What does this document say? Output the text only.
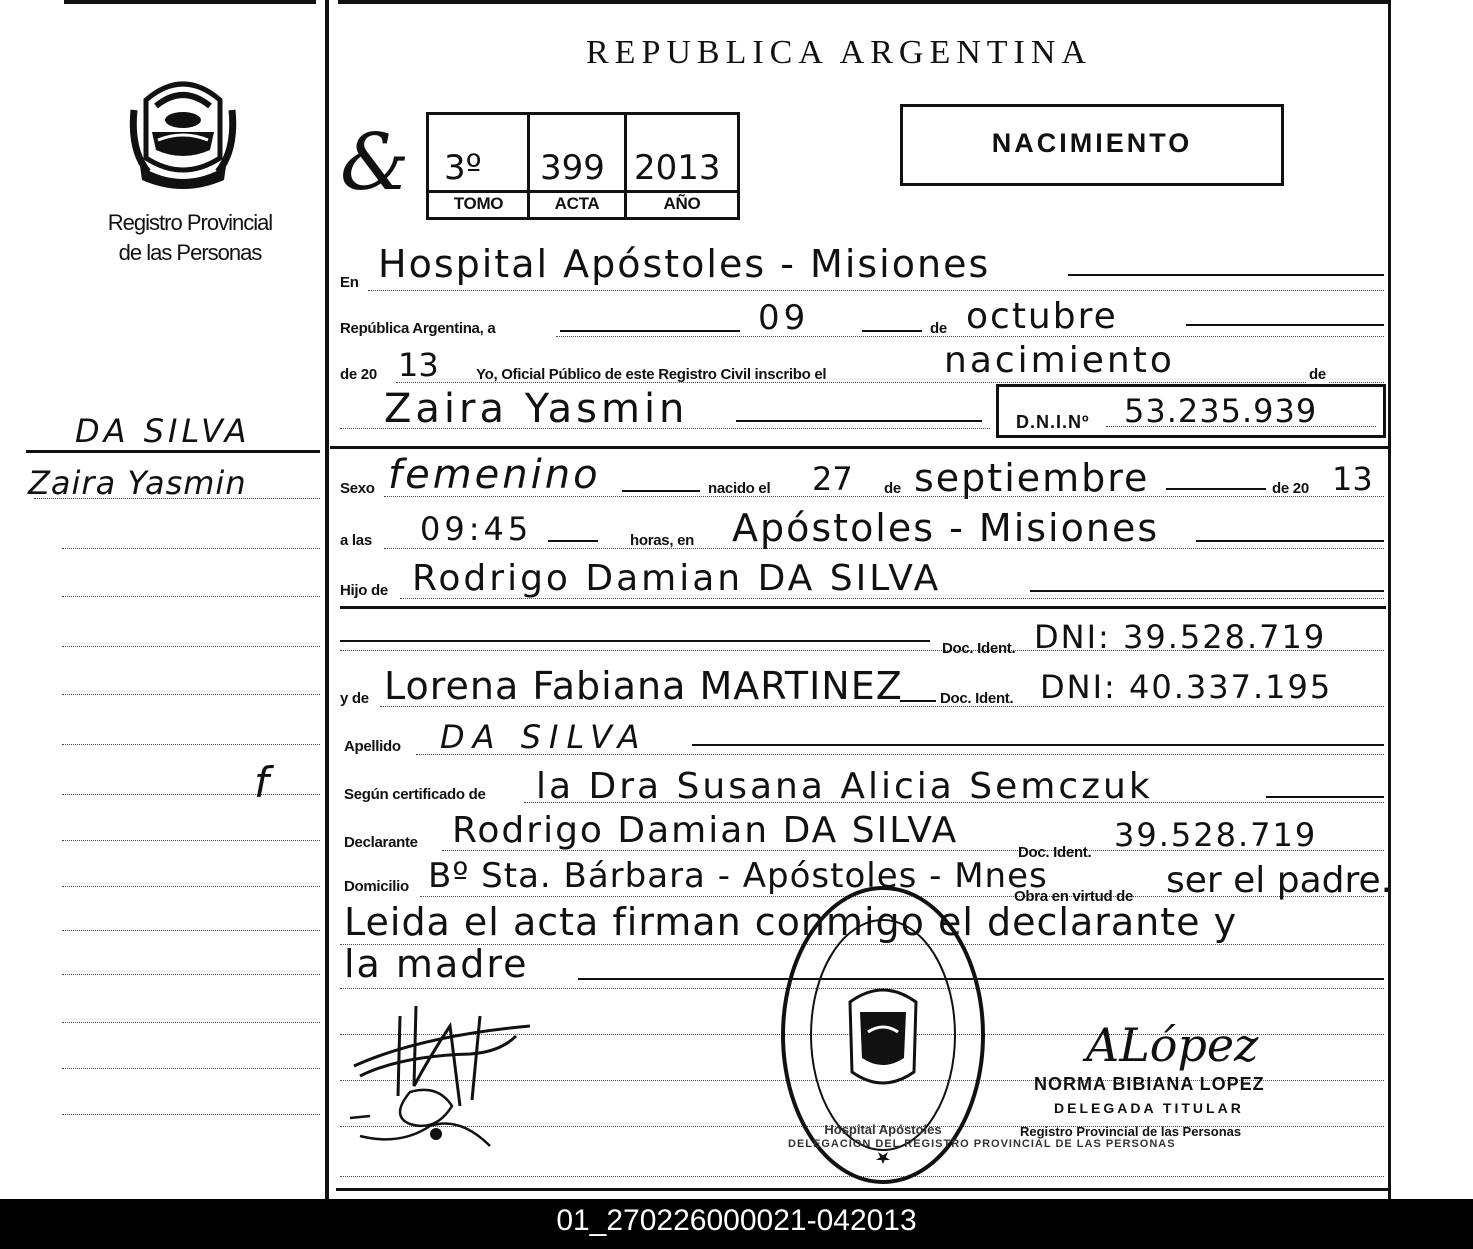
Registro Provincial
de las Personas
DA SILVA
Zaira Yasmin
f
REPUBLICA ARGENTINA
& 3º 399 2013
TOMO	ACTA	AÑO
NACIMIENTO
En Hospital Apóstoles - Misiones
República Argentina, a	09	de octubre
de 20 13 Yo, Oficial Público de este Registro Civil inscribo el	nacimiento	de
Zaira Yasmin	D.N.I.Nº 53.235.939
Sexo femenino	nacido el 27 de septiembre	de 20 13
a las 09:45	horas, en Apóstoles - Misiones
Hijo de Rodrigo Damian DA SILVA
Doc. Ident. DNI: 39.528.719
y de Lorena Fabiana MARTINEZ Doc. Ident. DNI: 40.337.195
Apellido DA SILVA
Según certificado de la Dra Susana Alicia Semczuk
Declarante Rodrigo Damian DA SILVA
Doc. Ident. 39.528.719
Domicilio Bº Sta. Bárbara - Apóstoles - Mnes
Obra en virtud de ser el padre.
Leida el acta firman conmigo el declarante y
la madre
DELEGACION DEL REGISTRO PROVINCIAL DE LAS PERSONAS
Hospital Apóstoles
ALópez
NORMA BIBIANA LOPEZ
DELEGADA TITULAR
Registro Provincial de las Personas
01_270226000021-042013
